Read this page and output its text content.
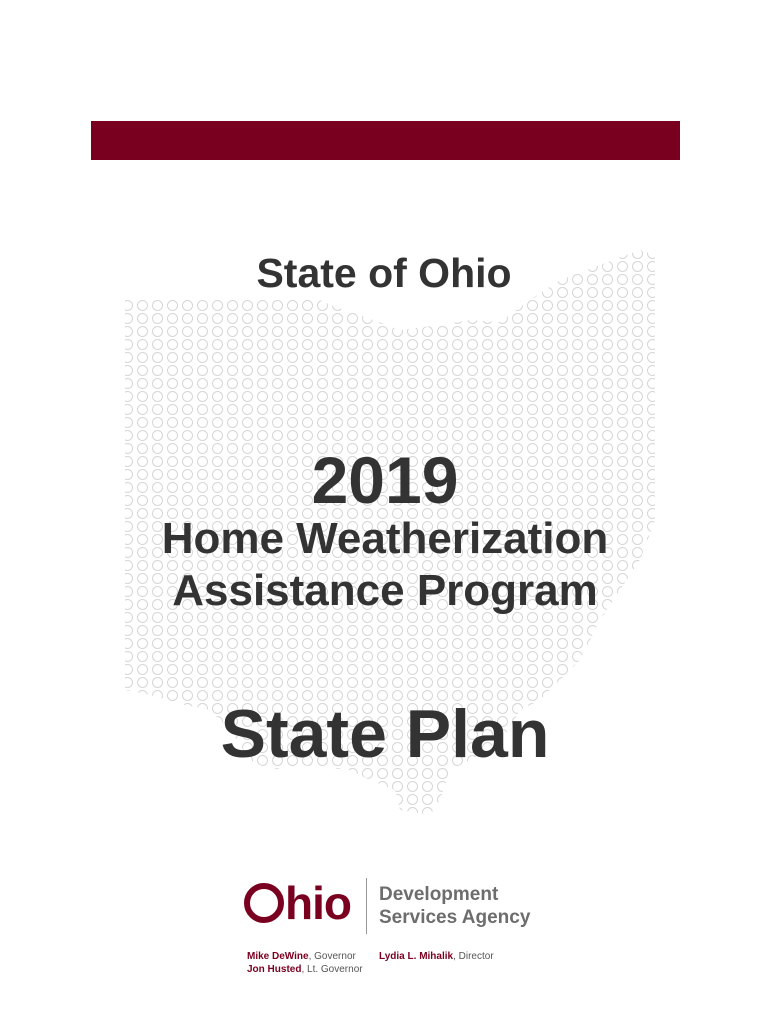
State of Ohio
2019
Home Weatherization
Assistance Program
State Plan
hio Development
Services Agency
Mike DeWine, Governor
Jon Husted, Lt. Governor
Lydia L. Mihalik, Director
